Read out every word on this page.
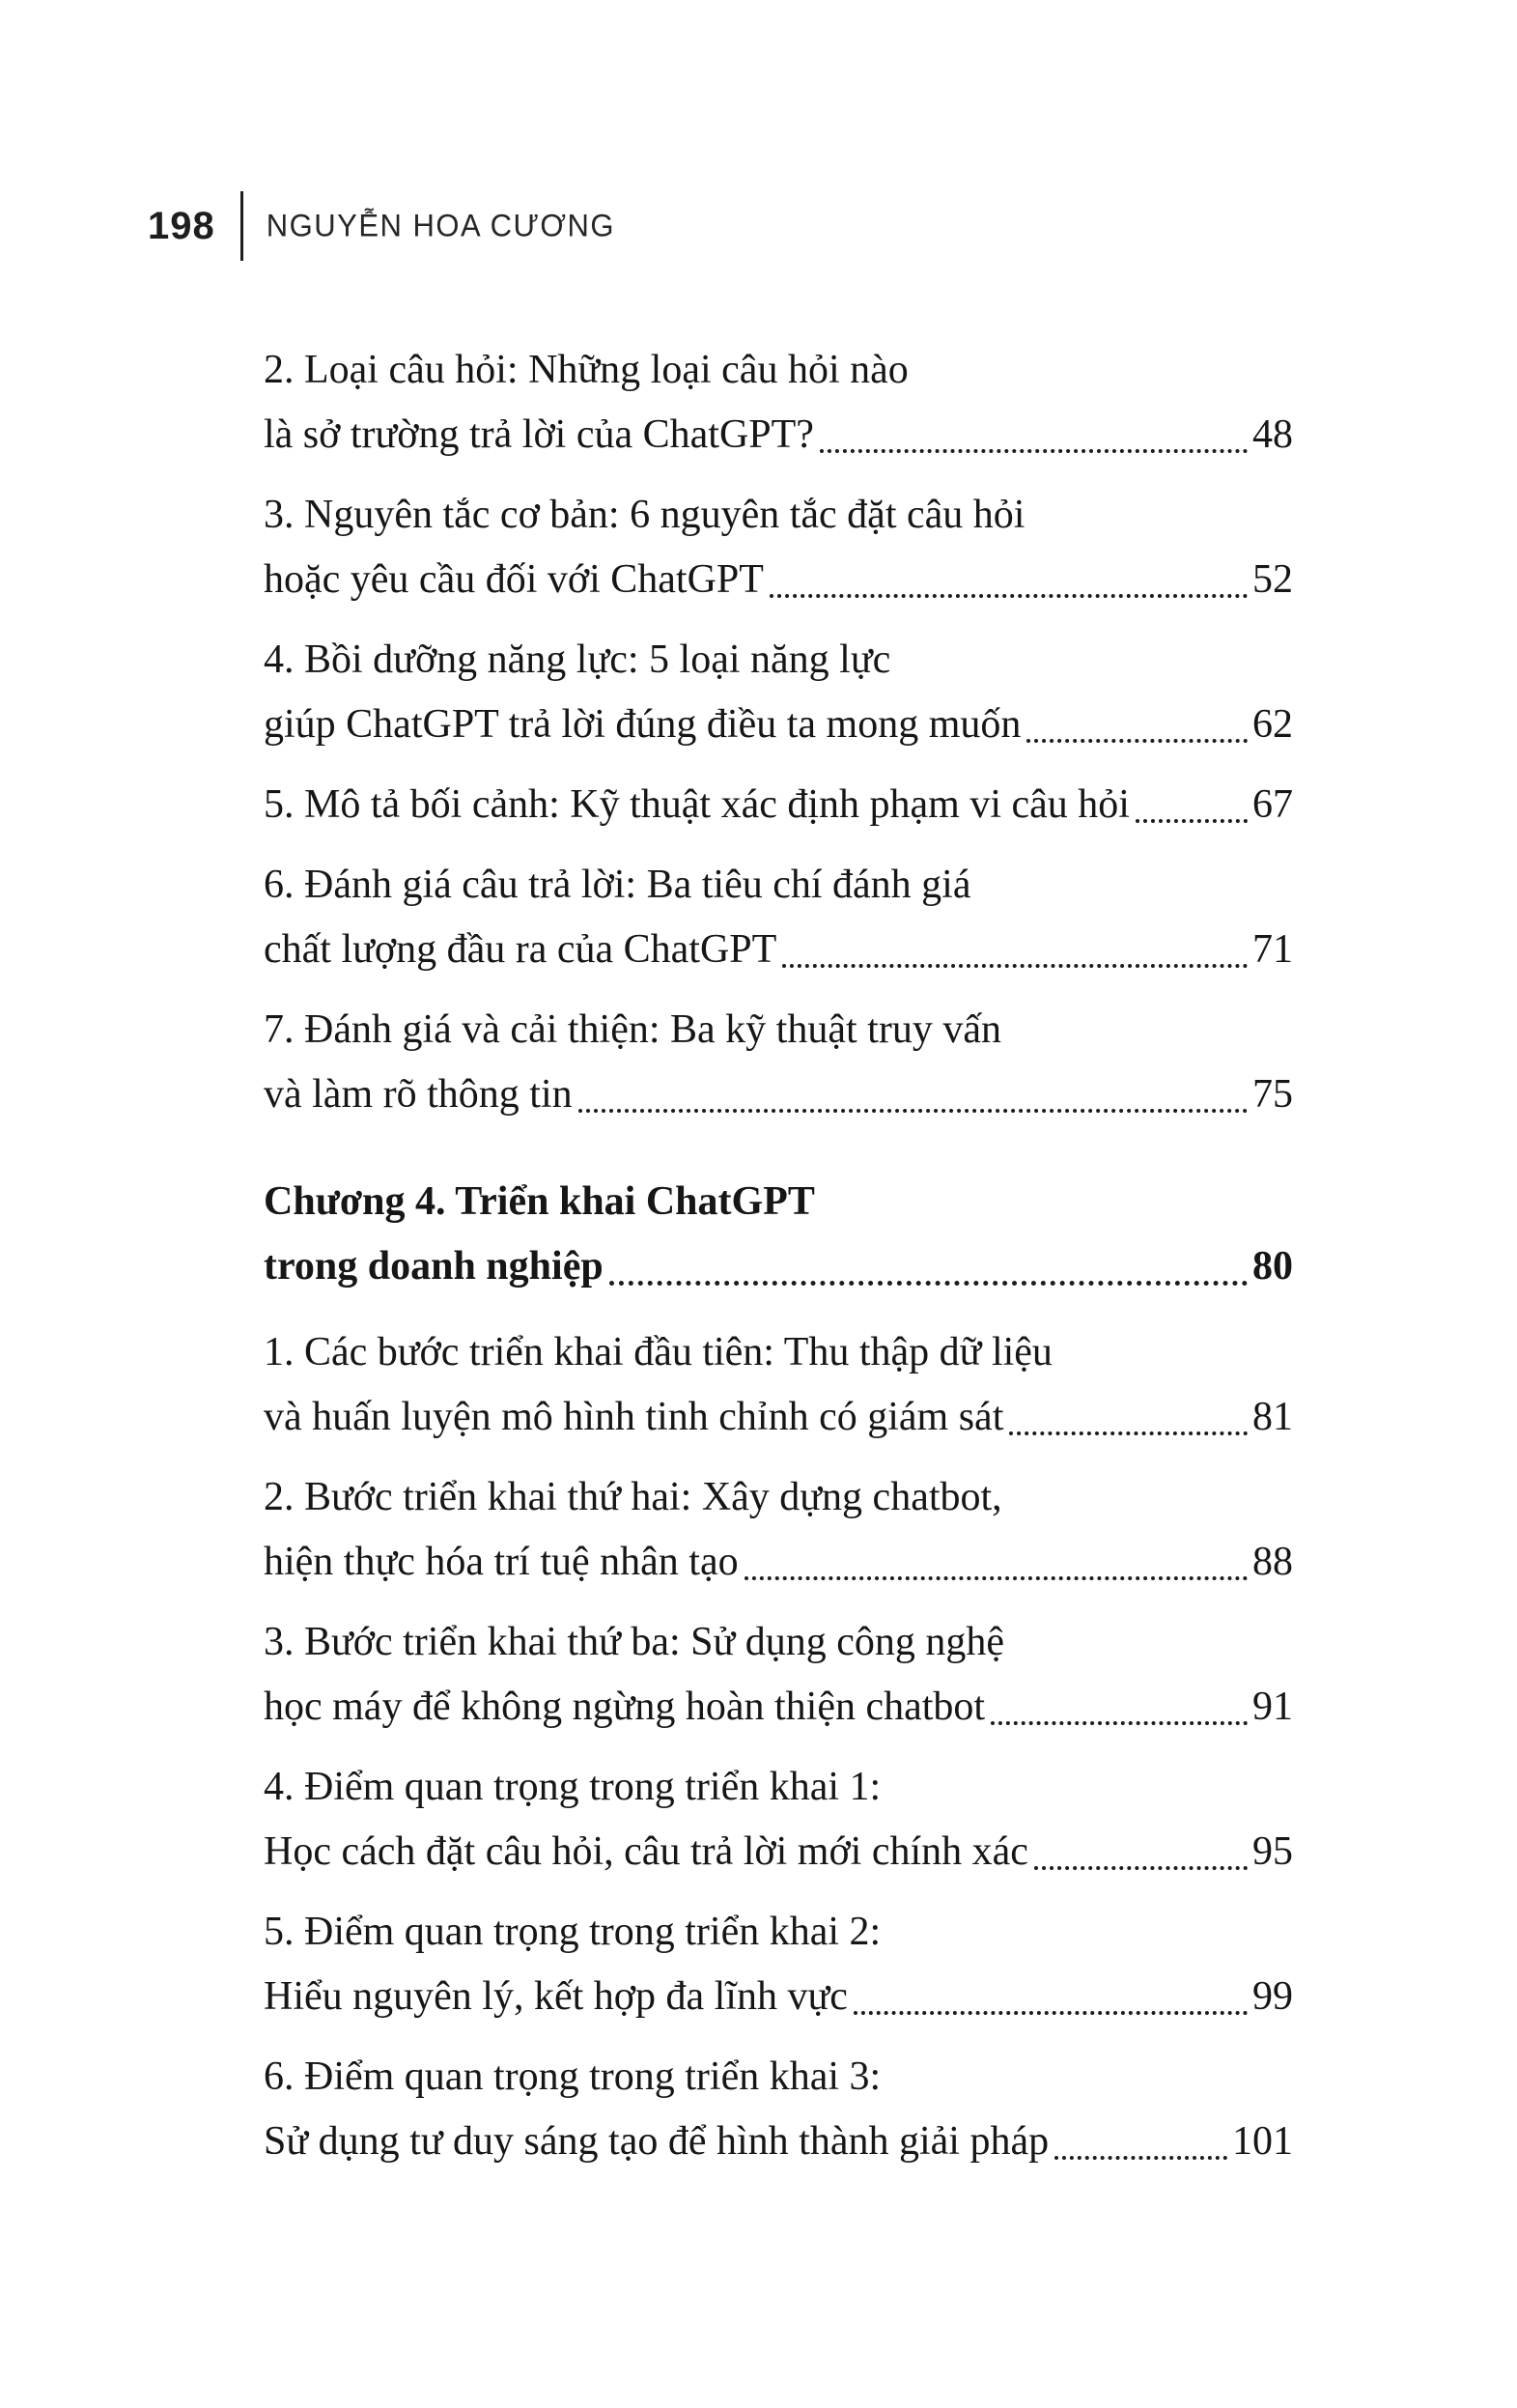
198 NGUYỄN HOA CƯƠNG
2. Loại câu hỏi: Những loại câu hỏi nào
là sở trường trả lời của ChatGPT?	48
3. Nguyên tắc cơ bản: 6 nguyên tắc đặt câu hỏi
hoặc yêu cầu đối với ChatGPT	52
4. Bồi dưỡng năng lực: 5 loại năng lực
giúp ChatGPT trả lời đúng điều ta mong muốn	62
5. Mô tả bối cảnh: Kỹ thuật xác định phạm vi câu hỏi	67
6. Đánh giá câu trả lời: Ba tiêu chí đánh giá
chất lượng đầu ra của ChatGPT	71
7. Đánh giá và cải thiện: Ba kỹ thuật truy vấn
và làm rõ thông tin	75
Chương 4. Triển khai ChatGPT
trong doanh nghiệp	80
1. Các bước triển khai đầu tiên: Thu thập dữ liệu
và huấn luyện mô hình tinh chỉnh có giám sát	81
2. Bước triển khai thứ hai: Xây dựng chatbot,
hiện thực hóa trí tuệ nhân tạo	88
3. Bước triển khai thứ ba: Sử dụng công nghệ
học máy để không ngừng hoàn thiện chatbot	91
4. Điểm quan trọng trong triển khai 1:
Học cách đặt câu hỏi, câu trả lời mới chính xác	95
5. Điểm quan trọng trong triển khai 2:
Hiểu nguyên lý, kết hợp đa lĩnh vực	99
6. Điểm quan trọng trong triển khai 3:
Sử dụng tư duy sáng tạo để hình thành giải pháp	101
